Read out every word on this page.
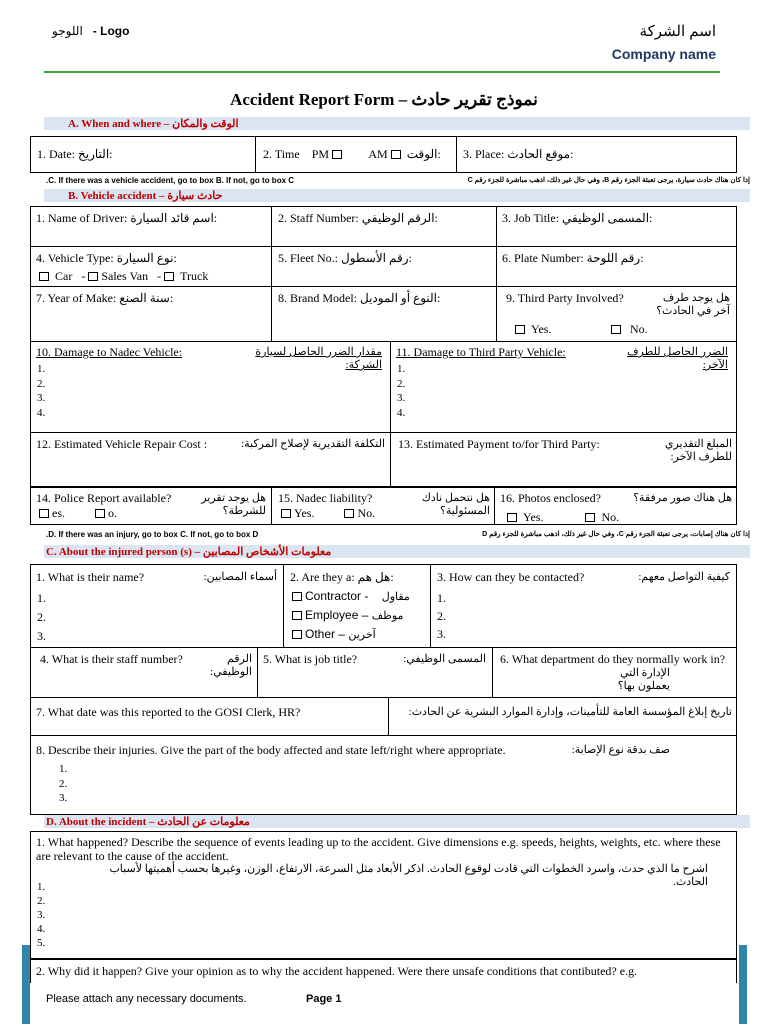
اللوجو - Logo	اسم الشركة
Company name
Accident Report Form – نموذج تقرير حادث
A. When and where – الوقت والمكان
1. Date: التاريخ:	2. Time PM	AM الوقت: 3. Place: موقع الحادث:
.C. If there was a vehicle accident, go to box B. If not, go to box C	إذا كان هناك حادث سيارة، يرجى تعبئة الجزء رقم B، وفي حال غير ذلك، اذهب مباشرة للجزء رقم C
B. Vehicle accident – حادث سيارة
1. Name of Driver: اسم قائد السيارة:	2. Staff Number: الرقم الوظيفي:	3. Job Title: المسمى الوظيفي:
4. Vehicle Type: نوع السيارة:
Car   - Sales Van   - Truck
5. Fleet No.: رقم الأسطول:	6. Plate Number: رقم اللوحة:
7. Year of Make: سنة الصنع:	8. Brand Model: النوع أو الموديل:	9. Third Party Involved?	هل يوجد طرف آخر في الحادث؟
Yes.	No.
10. Damage to Nadec Vehicle:	مقدار الضرر الحاصل لسيارة الشركة:
1.
2.
3.
4.
11. Damage to Third Party Vehicle:	الضرر الحاصل للطرف الآخر:
1.
2.
3.
4.
12. Estimated Vehicle Repair Cost :	التكلفة التقديرية لإصلاح المركبة: 13. Estimated Payment to/for Third Party:	المبلغ التقديري للطرف الآخر:
14. Police Report available?	هل يوجد تقرير للشرطة؟
es.	o.
15. Nadec liability?	هل نتحمل نادك المسئولية؟
Yes.	No.
16. Photos enclosed?	هل هناك صور مرفقة؟
Yes.	No.
.D. If there was an injury, go to box C. If not, go to box D	إذا كان هناك إصابات، يرجى تعبئة الجزء رقم C، وفي حال غير ذلك، اذهب مباشرة للجزء رقم D
C. About the injured person (s) – معلومات الأشخاص المصابين
1. What is their name?	أسماء المصابين:
1.
2.
3.
2. Are they a: هل هم:
Contractor - مقاول
Employee – موظف
Other – آخرين
3. How can they be contacted?	كيفية التواصل معهم:
1.
2.
3.
4. What is their staff number?	الرقم الوظيفي:
5. What is job title?	المسمى الوظيفي: 6. What department do they normally work in?
الإدارة التي يعملون بها؟
7. What date was this reported to the GOSI Clerk, HR?	تاريخ إبلاغ المؤسسة العامة للتأمينات، وإدارة الموارد البشرية عن الحادث:
8. Describe their injuries. Give the part of the body affected and state left/right where appropriate.	صف بدقة نوع الإصابة:
1.
2.
3.
D. About the incident – معلومات عن الحادث
1. What happened? Describe the sequence of events leading up to the accident. Give dimensions e.g. speeds, heights, weights, etc. where these are relevant to the cause of the accident.
اشرح ما الذي حدث، واسرد الخطوات التي قادت لوقوع الحادث. اذكر الأبعاد مثل السرعة، الارتفاع، الوزن، وغيرها بحسب أهميتها لأسباب الحادث.
1.
2.
3.
4.
5.
2. Why did it happen? Give your opinion as to why the accident happened. Were there unsafe conditions that contibuted? e.g.
Please attach any necessary documents.	Page 1
